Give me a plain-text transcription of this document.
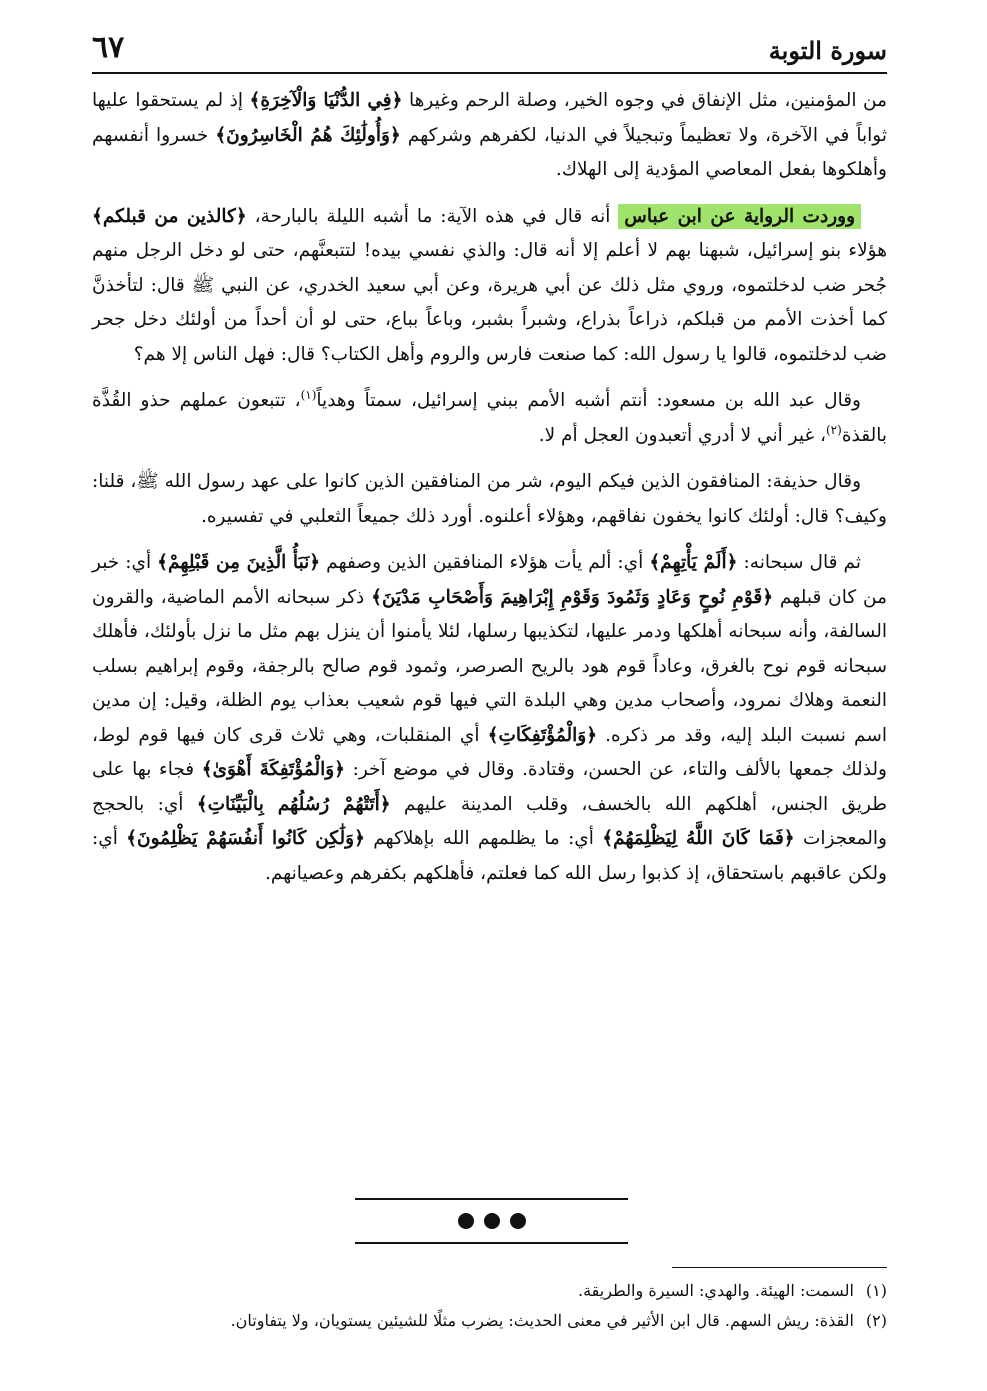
سورة التوبة
٦٧

من المؤمنين، مثل الإنفاق في وجوه الخير، وصلة الرحم وغيرها ﴿فِي الدُّنْيَا وَالْآخِرَةِ﴾ إذ لم يستحقوا عليها ثواباً في الآخرة، ولا تعظيماً وتبجيلاً في الدنيا، لكفرهم وشركهم ﴿وَأُولَٰئِكَ هُمُ الْخَاسِرُونَ﴾ خسروا أنفسهم وأهلكوها بفعل المعاصي المؤدية إلى الهلاك.

ووردت الرواية عن ابن عباس أنه قال في هذه الآية: ما أشبه الليلة بالبارحة، ﴿كالذين من قبلكم﴾ هؤلاء بنو إسرائيل، شبهنا بهم لا أعلم إلا أنه قال: والذي نفسي بيده! لتتبعنَّهم، حتى لو دخل الرجل منهم جُحر ضب لدخلتموه، وروي مثل ذلك عن أبي هريرة، وعن أبي سعيد الخدري، عن النبي ﷺ قال: لتأخذنَّ كما أخذت الأمم من قبلكم، ذراعاً بذراع، وشبراً بشبر، وباعاً بباع، حتى لو أن أحداً من أولئك دخل جحر ضب لدخلتموه، قالوا يا رسول الله: كما صنعت فارس والروم وأهل الكتاب؟ قال: فهل الناس إلا هم؟

وقال عبد الله بن مسعود: أنتم أشبه الأمم ببني إسرائيل، سمتاً وهدياً$^{(١)}$، تتبعون عملهم حذو القُذَّة بالقذة$^{(٢)}$، غير أني لا أدري أتعبدون العجل أم لا.

وقال حذيفة: المنافقون الذين فيكم اليوم، شر من المنافقين الذين كانوا على عهد رسول الله ﷺ، قلنا: وكيف؟ قال: أولئك كانوا يخفون نفاقهم، وهؤلاء أعلنوه. أورد ذلك جميعاً الثعلبي في تفسيره.

ثم قال سبحانه: ﴿أَلَمْ يَأْتِهِمْ﴾ أي: ألم يأت هؤلاء المنافقين الذين وصفهم ﴿نَبَأُ الَّذِينَ مِن قَبْلِهِمْ﴾ أي: خبر من كان قبلهم ﴿قَوْمِ نُوحٍ وَعَادٍ وَثَمُودَ وَقَوْمِ إِبْرَاهِيمَ وَأَصْحَابِ مَدْيَنَ﴾ ذكر سبحانه الأمم الماضية، والقرون السالفة، وأنه سبحانه أهلكها ودمر عليها، لتكذيبها رسلها، لئلا يأمنوا أن ينزل بهم مثل ما نزل بأولئك، فأهلك سبحانه قوم نوح بالغرق، وعاداً قوم هود بالريح الصرصر، وثمود قوم صالح بالرجفة، وقوم إبراهيم بسلب النعمة وهلاك نمرود، وأصحاب مدين وهي البلدة التي فيها قوم شعيب بعذاب يوم الظلة، وقيل: إن مدين اسم نسبت البلد إليه، وقد مر ذكره. ﴿وَالْمُؤْتَفِكَاتِ﴾ أي المنقلبات، وهي ثلاث قرى كان فيها قوم لوط، ولذلك جمعها بالألف والتاء، عن الحسن، وقتادة. وقال في موضع آخر: ﴿وَالْمُؤْتَفِكَةَ أَهْوَىٰ﴾ فجاء بها على طريق الجنس، أهلكهم الله بالخسف، وقلب المدينة عليهم ﴿أَتَتْهُمْ رُسُلُهُم بِالْبَيِّنَاتِ﴾ أي: بالحجج والمعجزات ﴿فَمَا كَانَ اللَّهُ لِيَظْلِمَهُمْ﴾ أي: ما يظلمهم الله بإهلاكهم ﴿وَلَٰكِن كَانُوا أَنفُسَهُمْ يَظْلِمُونَ﴾ أي: ولكن عاقبهم باستحقاق، إذ كذبوا رسل الله كما فعلتم، فأهلكهم بكفرهم وعصيانهم.

(١)السمت: الهيئة. والهدي: السيرة والطريقة.

(٢)القذة: ريش السهم. قال ابن الأثير في معنى الحديث: يضرب مثلًا للشيئين يستويان، ولا يتفاوتان.
